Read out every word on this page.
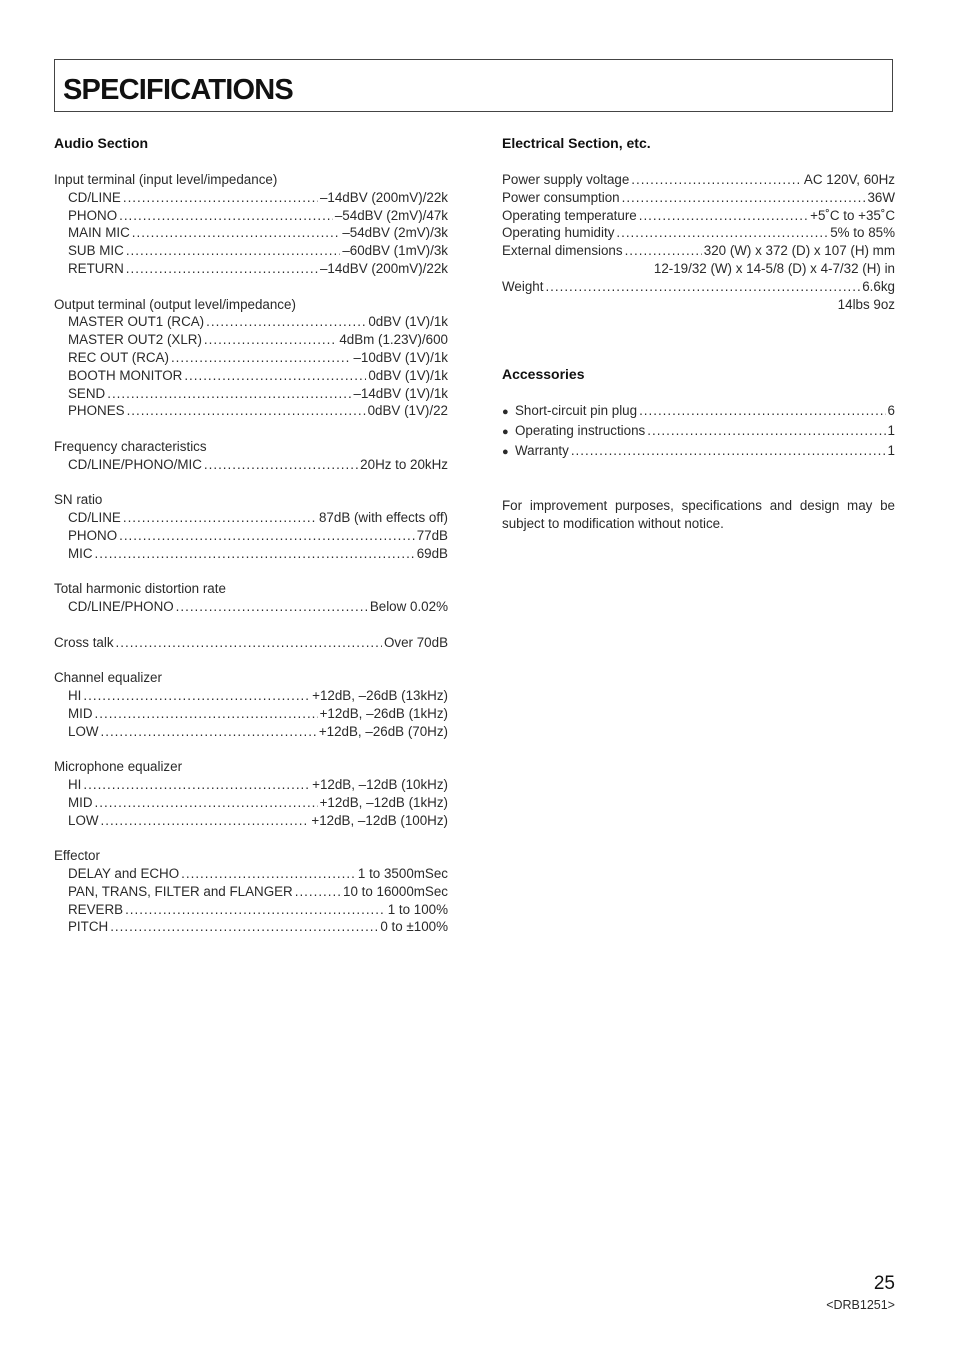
SPECIFICATIONS
Audio Section
Input terminal (input level/impedance)
CD/LINE .....	–14dBV (200mV)/22k
PHONO .....	–54dBV (2mV)/47k
MAIN MIC .....	–54dBV (2mV)/3k
SUB MIC .....	–60dBV (1mV)/3k
RETURN .....	–14dBV (200mV)/22k
Output terminal (output level/impedance)
MASTER OUT1 (RCA) .....	0dBV (1V)/1k
MASTER OUT2 (XLR) .....	4dBm (1.23V)/600
REC OUT (RCA) .....	–10dBV (1V)/1k
BOOTH MONITOR .....	0dBV (1V)/1k
SEND .....	–14dBV (1V)/1k
PHONES .....	0dBV (1V)/22
Frequency characteristics
CD/LINE/PHONO/MIC .....	20Hz to 20kHz
SN ratio
CD/LINE .....	87dB (with effects off)
PHONO .....	77dB
MIC .....	69dB
Total harmonic distortion rate
CD/LINE/PHONO .....	Below 0.02%
Cross talk .....	Over 70dB
Channel equalizer
HI .....	+12dB, –26dB (13kHz)
MID .....	+12dB, –26dB (1kHz)
LOW .....	+12dB, –26dB (70Hz)
Microphone equalizer
HI .....	+12dB, –12dB (10kHz)
MID .....	+12dB, –12dB (1kHz)
LOW .....	+12dB, –12dB (100Hz)
Effector
DELAY and ECHO .....	1 to 3500mSec
PAN, TRANS, FILTER and FLANGER .....	10 to 16000mSec
REVERB .....	1 to 100%
PITCH .....	0 to ±100%
Electrical Section, etc.
Power supply voltage .....	AC 120V, 60Hz
Power consumption .....	36W
Operating temperature .....	+5˚C to +35˚C
Operating humidity .....	5% to 85%
External dimensions .....	320 (W) x 372 (D) x 107 (H) mm
12-19/32 (W) x 14-5/8 (D) x 4-7/32 (H) in
Weight .....	6.6kg
14lbs 9oz
Accessories
● Short-circuit pin plug .....	6
● Operating instructions .....	1
● Warranty .....	1
For improvement purposes, specifications and design may be subject to modification without notice.
25
<DRB1251>
